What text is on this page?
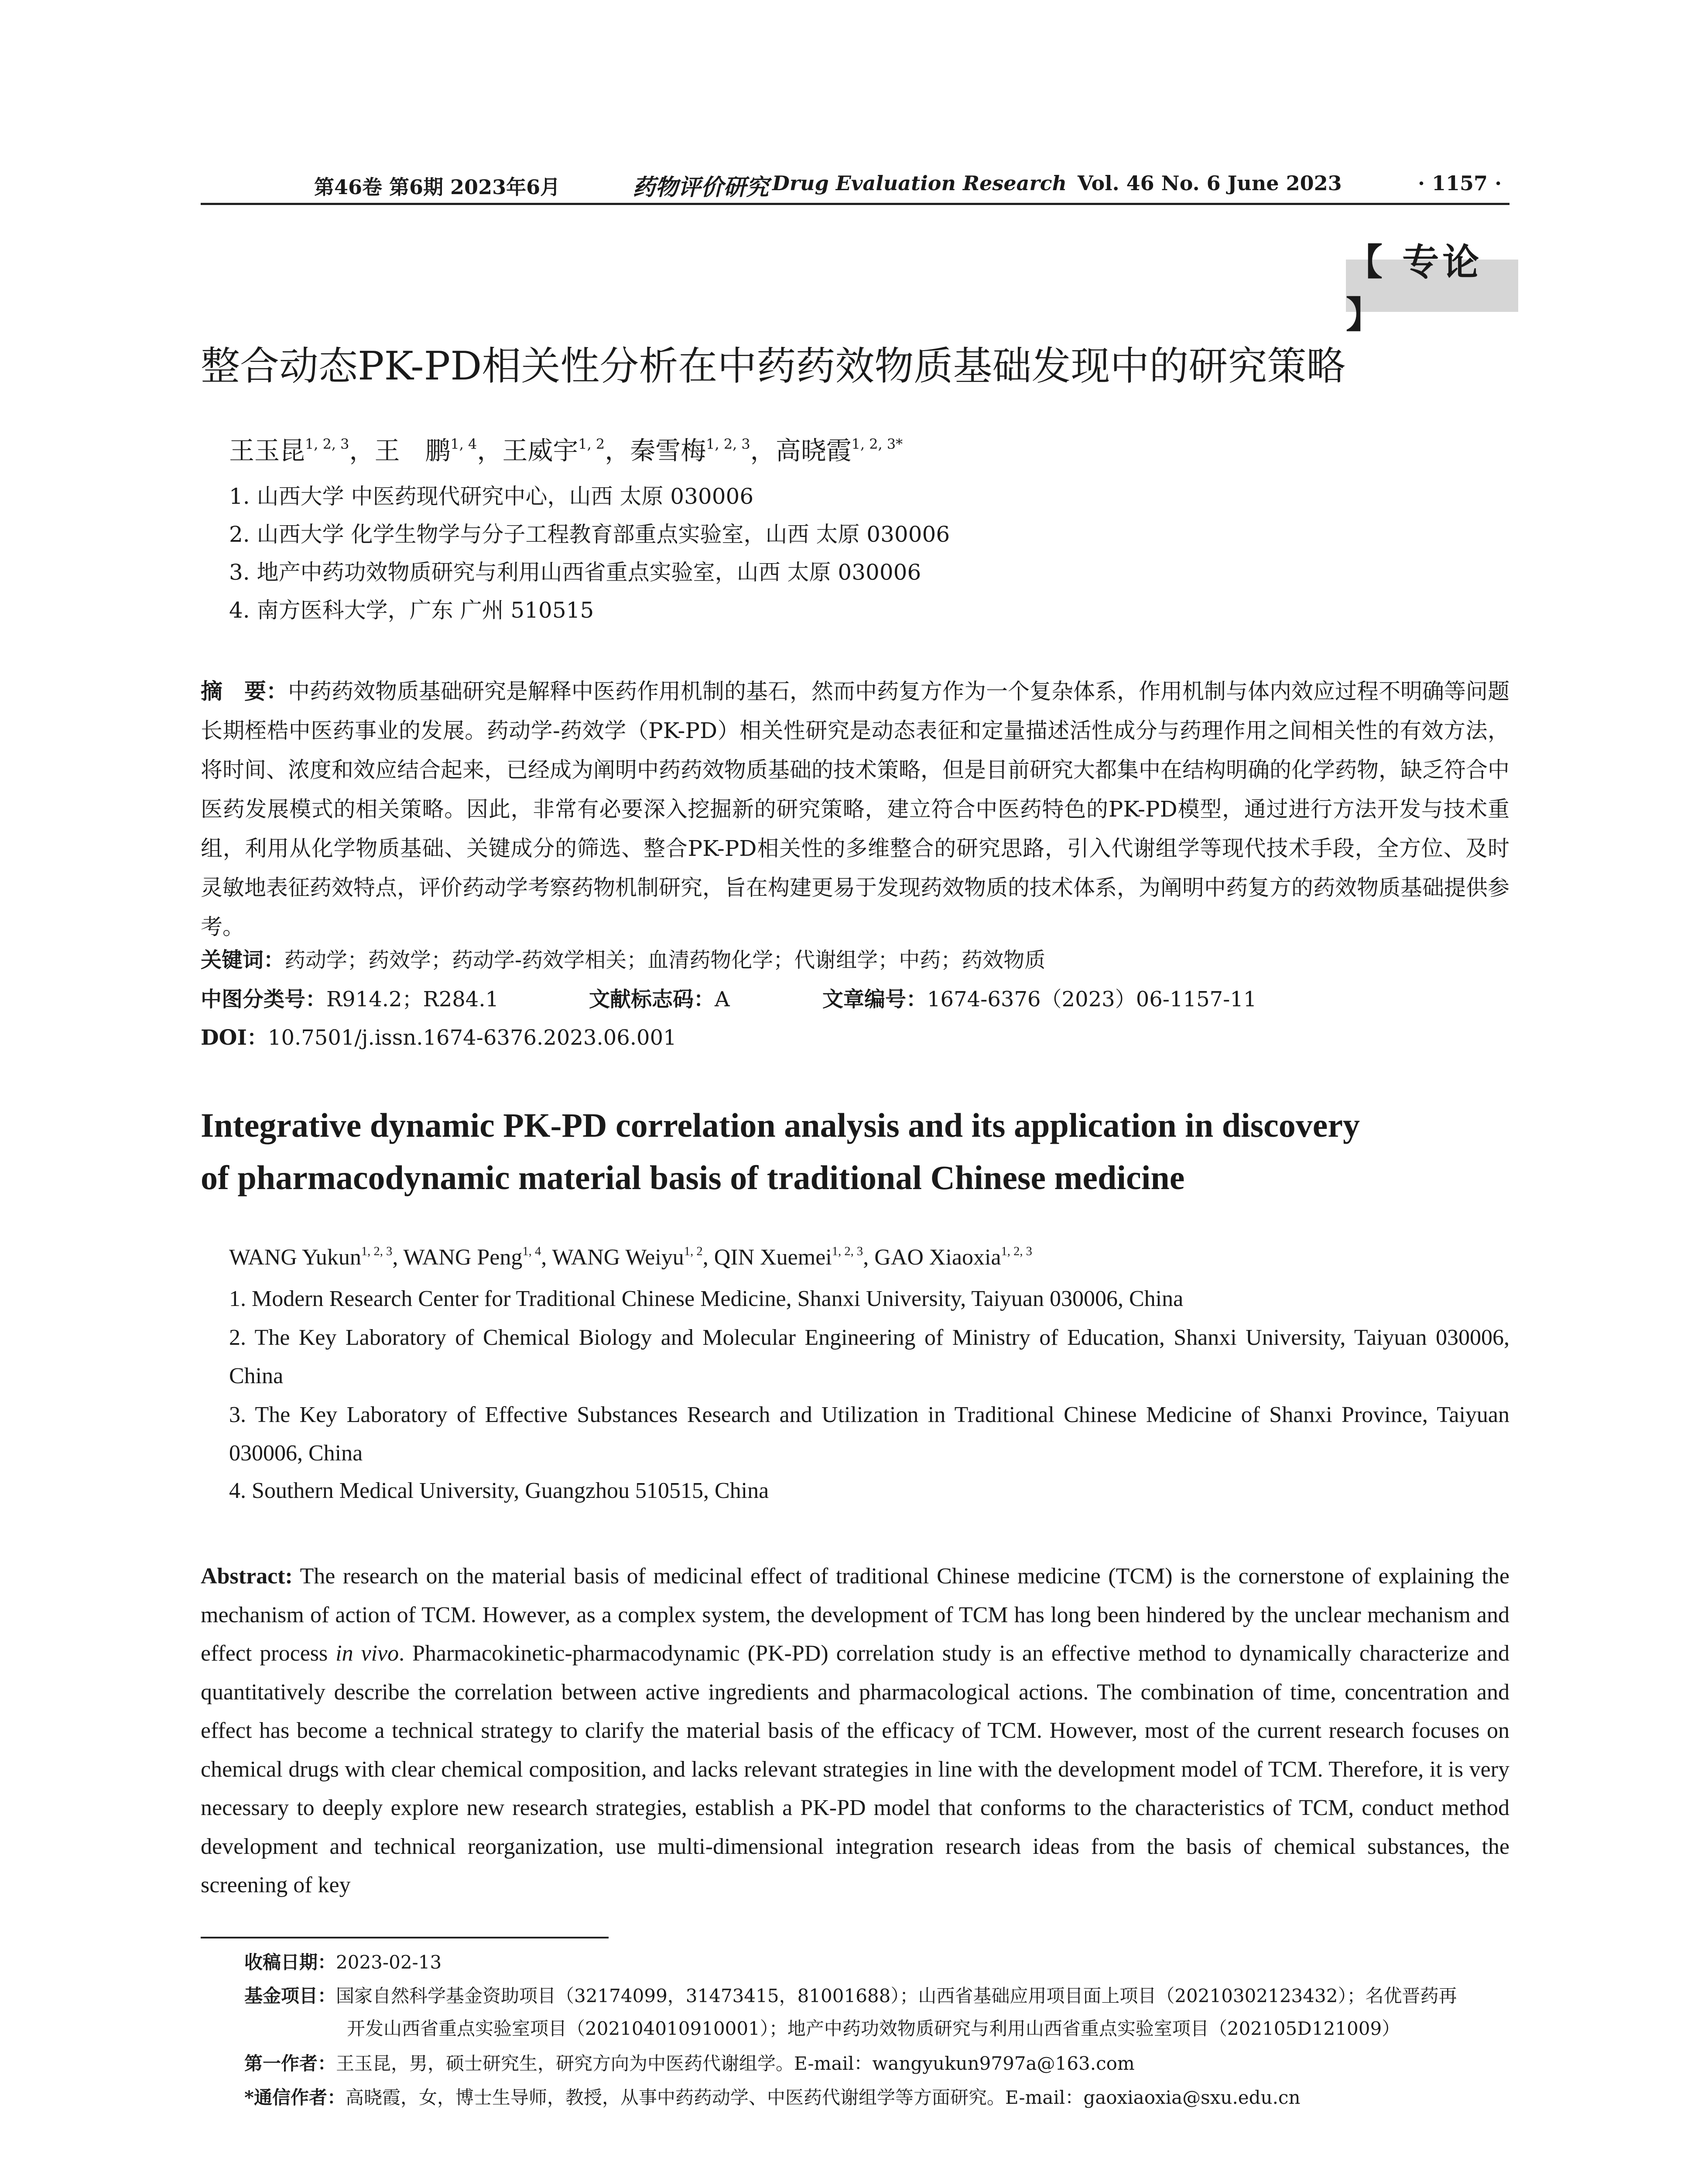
第46卷 第6期 2023年6月	药物评价研究 Drug Evaluation Research Vol. 46 No. 6 June 2023	· 1157 ·
【 专论 】
整合动态PK-PD相关性分析在中药药效物质基础发现中的研究策略
王玉昆$^{1, 2, 3}$，王　鹏$^{1, 4}$，王威宇$^{1, 2}$，秦雪梅$^{1, 2, 3}$，高晓霞$^{1, 2, 3*}$
1. 山西大学 中医药现代研究中心，山西 太原 030006
2. 山西大学 化学生物学与分子工程教育部重点实验室，山西 太原 030006
3. 地产中药功效物质研究与利用山西省重点实验室，山西 太原 030006
4. 南方医科大学，广东 广州 510515
摘　要：中药药效物质基础研究是解释中医药作用机制的基石，然而中药复方作为一个复杂体系，作用机制与体内效应过程不明确等问题长期桎梏中医药事业的发展。药动学-药效学（PK-PD）相关性研究是动态表征和定量描述活性成分与药理作用之间相关性的有效方法，将时间、浓度和效应结合起来，已经成为阐明中药药效物质基础的技术策略，但是目前研究大都集中在结构明确的化学药物，缺乏符合中医药发展模式的相关策略。因此，非常有必要深入挖掘新的研究策略，建立符合中医药特色的PK-PD模型，通过进行方法开发与技术重组，利用从化学物质基础、关键成分的筛选、整合PK-PD相关性的多维整合的研究思路，引入代谢组学等现代技术手段，全方位、及时灵敏地表征药效特点，评价药动学考察药物机制研究，旨在构建更易于发现药效物质的技术体系，为阐明中药复方的药效物质基础提供参考。
关键词：药动学；药效学；药动学-药效学相关；血清药物化学；代谢组学；中药；药效物质
中图分类号：R914.2；R284.1	文献标志码：A	文章编号：1674-6376（2023）06-1157-11
DOI：10.7501/j.issn.1674-6376.2023.06.001
Integrative dynamic PK-PD correlation analysis and its application in discovery
of pharmacodynamic material basis of traditional Chinese medicine
WANG Yukun$^{1, 2, 3}$, WANG Peng$^{1, 4}$, WANG Weiyu$^{1, 2}$, QIN Xuemei$^{1, 2, 3}$, GAO Xiaoxia$^{1, 2, 3}$
1. Modern Research Center for Traditional Chinese Medicine, Shanxi University, Taiyuan 030006, China
2. The Key Laboratory of Chemical Biology and Molecular Engineering of Ministry of Education, Shanxi University, Taiyuan 030006, China
3. The Key Laboratory of Effective Substances Research and Utilization in Traditional Chinese Medicine of Shanxi Province, Taiyuan 030006, China
4. Southern Medical University, Guangzhou 510515, China
Abstract: The research on the material basis of medicinal effect of traditional Chinese medicine (TCM) is the cornerstone of explaining the mechanism of action of TCM. However, as a complex system, the development of TCM has long been hindered by the unclear mechanism and effect process in vivo. Pharmacokinetic-pharmacodynamic (PK-PD) correlation study is an effective method to dynamically characterize and quantitatively describe the correlation between active ingredients and pharmacological actions. The combination of time, concentration and effect has become a technical strategy to clarify the material basis of the efficacy of TCM. However, most of the current research focuses on chemical drugs with clear chemical composition, and lacks relevant strategies in line with the development model of TCM. Therefore, it is very necessary to deeply explore new research strategies, establish a PK-PD model that conforms to the characteristics of TCM, conduct method development and technical reorganization, use multi-dimensional integration research ideas from the basis of chemical substances, the screening of key
收稿日期：2023-02-13
基金项目：国家自然科学基金资助项目（32174099，31473415，81001688）；山西省基础应用项目面上项目（20210302123432）；名优晋药再
开发山西省重点实验室项目（202104010910001）；地产中药功效物质研究与利用山西省重点实验室项目（202105D121009）
第一作者：王玉昆，男，硕士研究生，研究方向为中医药代谢组学。E-mail：wangyukun9797a@163.com
*通信作者：高晓霞，女，博士生导师，教授，从事中药药动学、中医药代谢组学等方面研究。E-mail：gaoxiaoxia@sxu.edu.cn
